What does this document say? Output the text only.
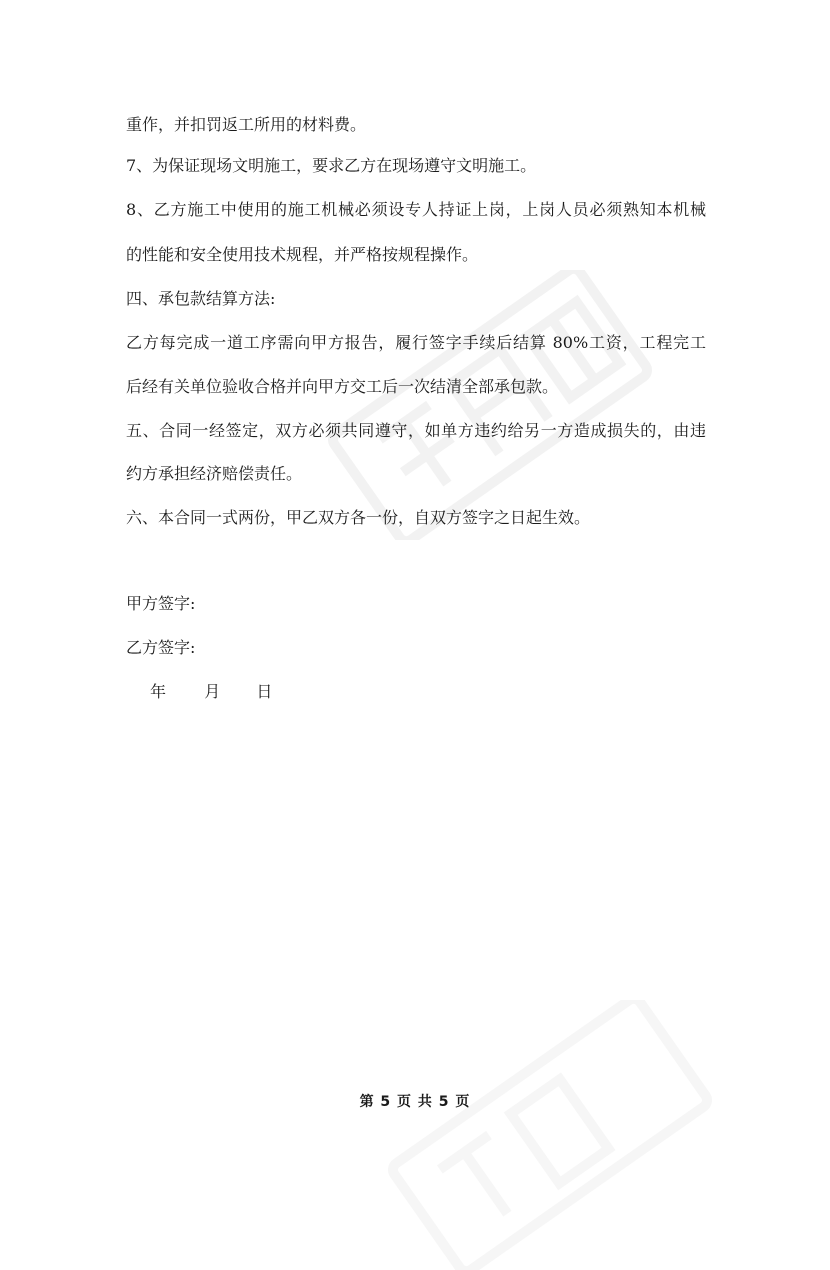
重作，并扣罚返工所用的材料费。
7、为保证现场文明施工，要求乙方在现场遵守文明施工。
8、乙方施工中使用的施工机械必须设专人持证上岗，上岗人员必须熟知本机械
的性能和安全使用技术规程，并严格按规程操作。
四、承包款结算方法:
乙方每完成一道工序需向甲方报告，履行签字手续后结算 80%工资，工程完工
后经有关单位验收合格并向甲方交工后一次结清全部承包款。
五、合同一经签定，双方必须共同遵守，如单方违约给另一方造成损失的，由违
约方承担经济赔偿责任。
六、本合同一式两份，甲乙双方各一份，自双方签字之日起生效。
甲方签字:
乙方签字:
年 月 日
第 5 页 共 5 页
